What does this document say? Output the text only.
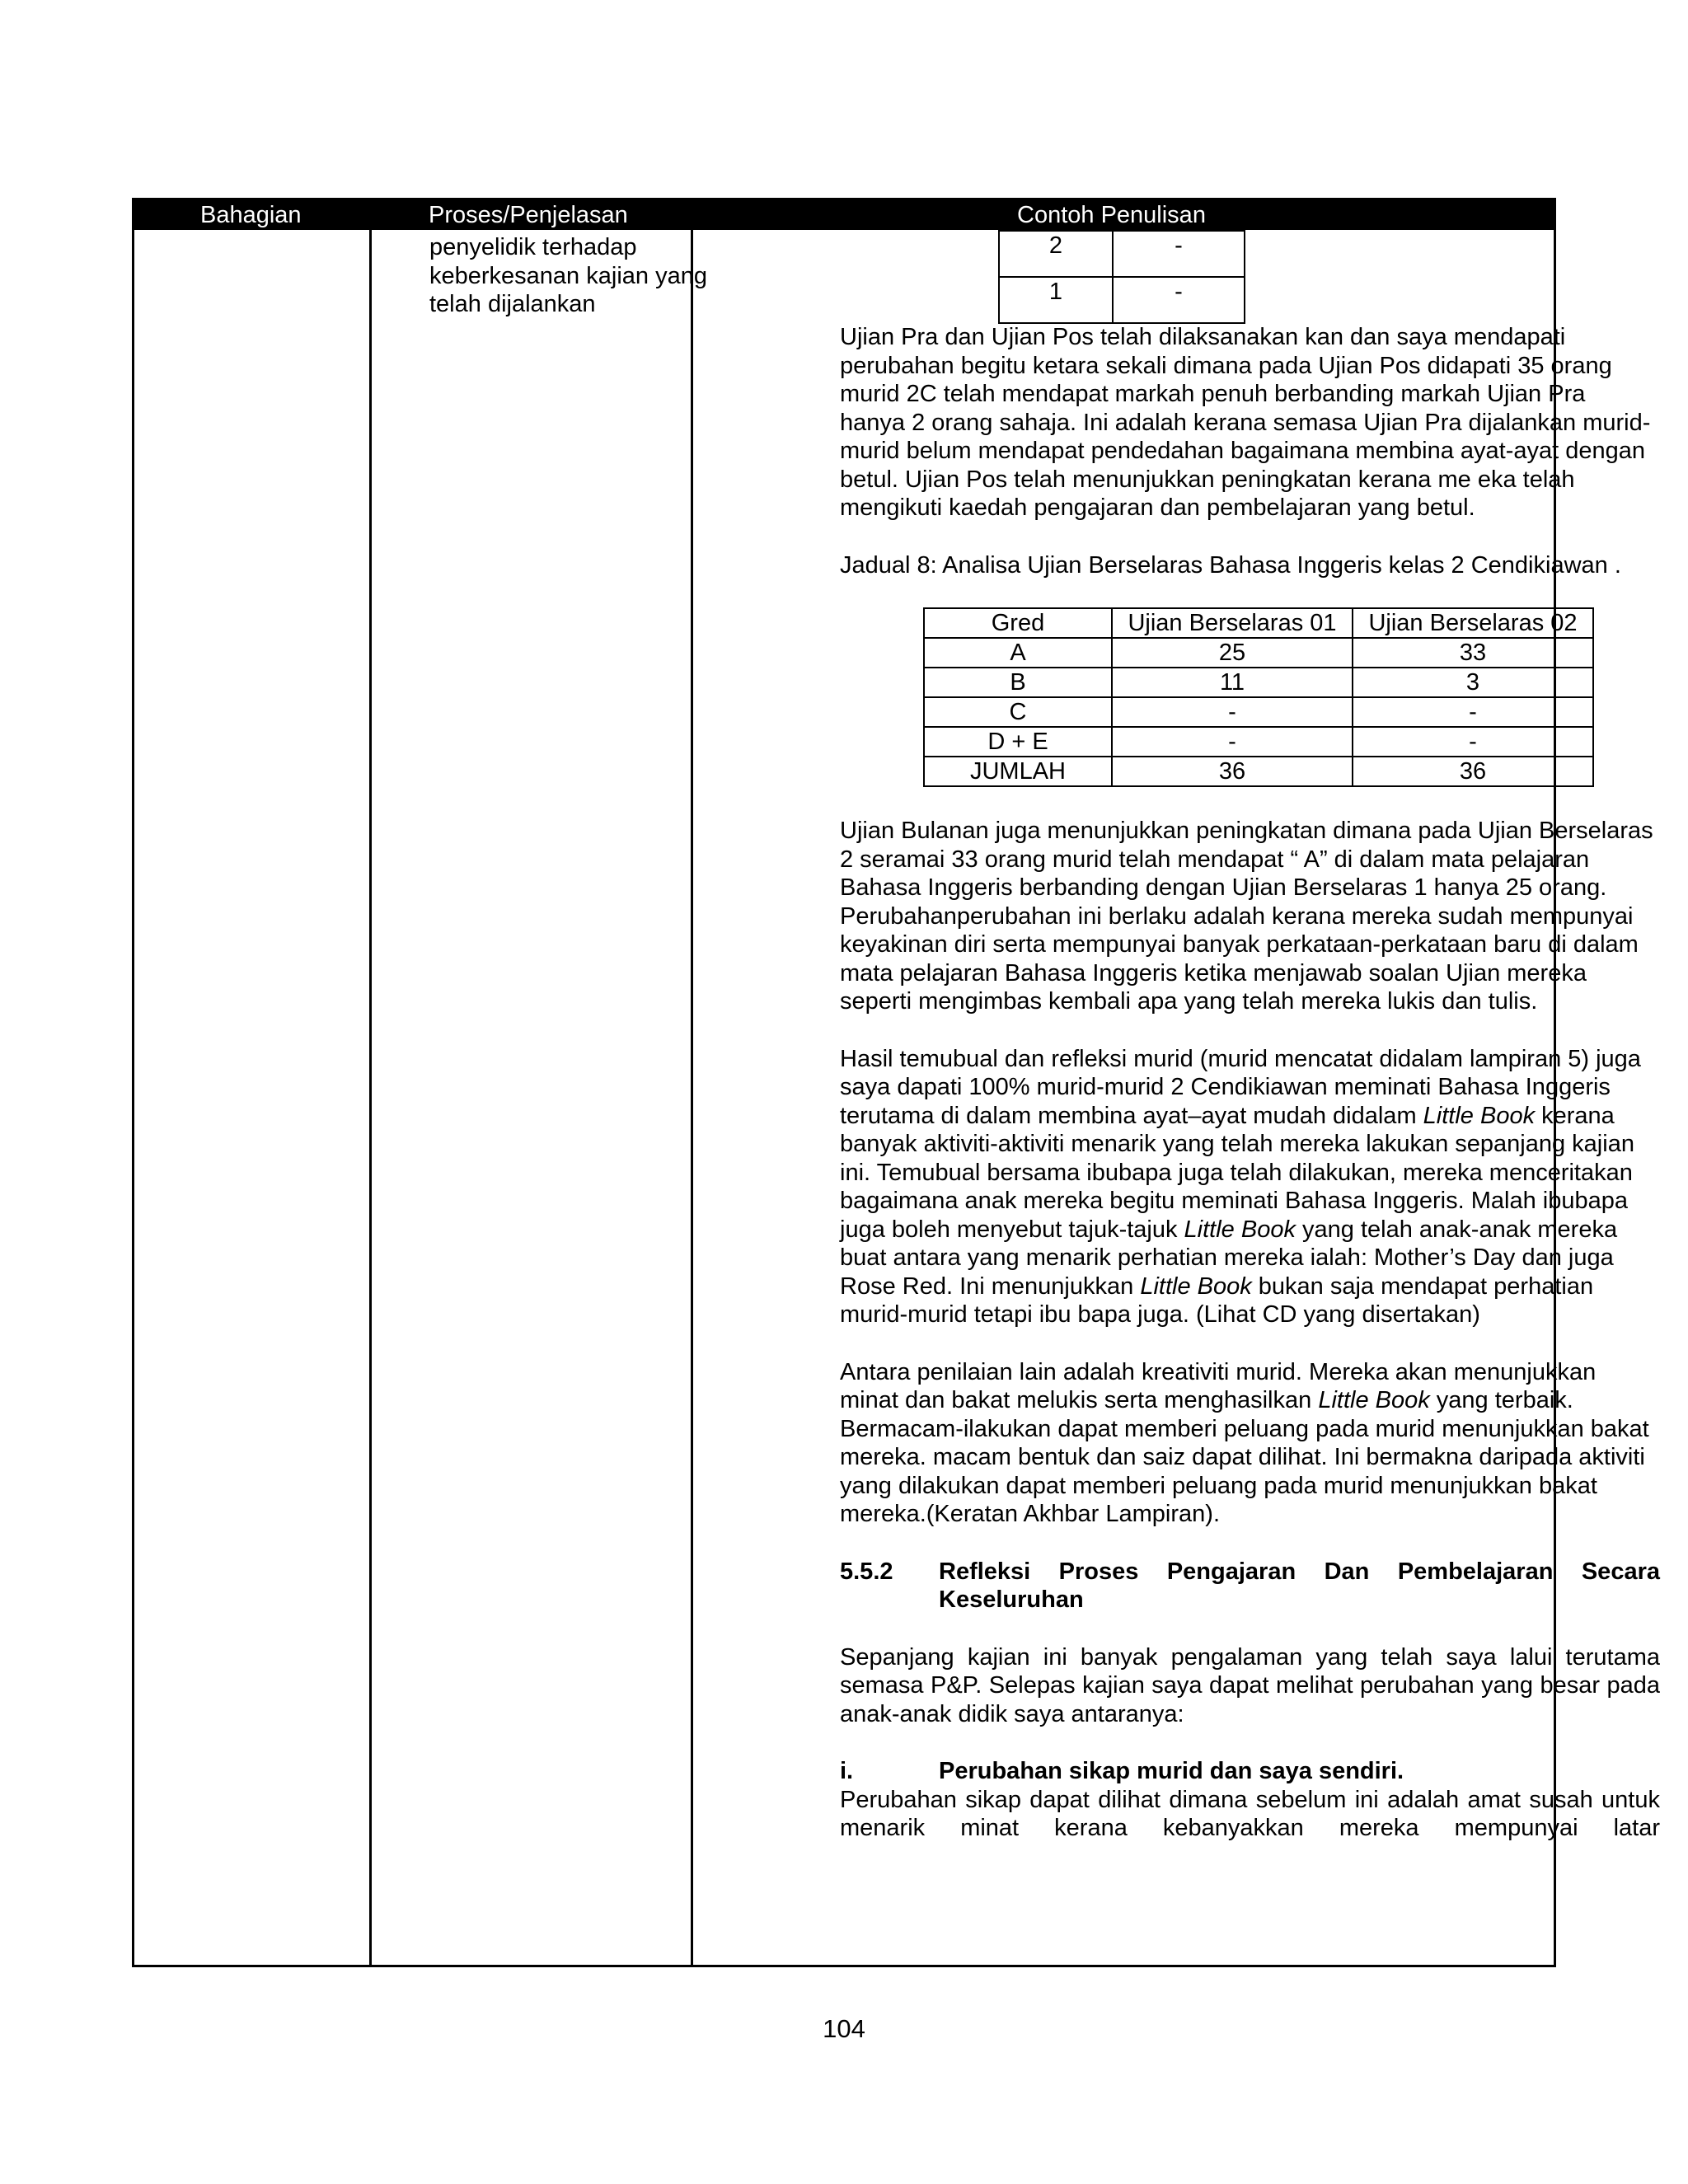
Bahagian	Proses/Penjelasan	Contoh Penulisan

penyelidik terhadap keberkesanan kajian yang telah dijalankan

2	-
1	-

Ujian Pra dan Ujian Pos telah dilaksanakan kan dan saya mendapati perubahan begitu ketara sekali dimana pada Ujian Pos didapati 35 orang murid 2C telah mendapat markah penuh berbanding markah Ujian Pra hanya 2 orang sahaja. Ini adalah kerana semasa Ujian Pra dijalankan murid-murid belum mendapat pendedahan bagaimana membina ayat-ayat dengan betul. Ujian Pos telah menunjukkan peningkatan kerana me eka telah mengikuti kaedah pengajaran dan pembelajaran yang betul.

Jadual 8: Analisa Ujian Berselaras Bahasa Inggeris kelas 2 Cendikiawan .

Gred	Ujian Berselaras 01	Ujian Berselaras 02
A	25	33
B	11	3
C	-	-
D + E	-	-
JUMLAH	36	36

Ujian Bulanan juga menunjukkan peningkatan dimana pada Ujian Berselaras 2 seramai 33 orang murid telah mendapat “ A” di dalam mata pelajaran Bahasa Inggeris berbanding dengan Ujian Berselaras 1 hanya 25 orang. Perubahanperubahan ini berlaku adalah kerana mereka sudah mempunyai keyakinan diri serta mempunyai banyak perkataan-perkataan baru di dalam mata pelajaran Bahasa Inggeris ketika menjawab soalan Ujian mereka seperti mengimbas kembali apa yang telah mereka lukis dan tulis.

Hasil temubual dan refleksi murid (murid mencatat didalam lampiran 5) juga saya dapati 100% murid-murid 2 Cendikiawan meminati Bahasa Inggeris terutama di dalam membina ayat–ayat mudah didalam Little Book kerana banyak aktiviti-aktiviti menarik yang telah mereka lakukan sepanjang kajian ini. Temubual bersama ibubapa juga telah dilakukan, mereka menceritakan bagaimana anak mereka begitu meminati Bahasa Inggeris. Malah ibubapa juga boleh menyebut tajuk-tajuk Little Book yang telah anak-anak mereka buat antara yang menarik perhatian mereka ialah: Mother’s Day dan juga Rose Red. Ini menunjukkan Little Book bukan saja mendapat perhatian murid-murid tetapi ibu bapa juga. (Lihat CD yang disertakan)

Antara penilaian lain adalah kreativiti murid. Mereka akan menunjukkan minat dan bakat melukis serta menghasilkan Little Book yang terbaik. Bermacam-ilakukan dapat memberi peluang pada murid menunjukkan bakat mereka. macam bentuk dan saiz dapat dilihat. Ini bermakna daripada aktiviti yang dilakukan dapat memberi peluang pada murid menunjukkan bakat mereka.(Keratan Akhbar Lampiran).

5.5.2	Refleksi Proses Pengajaran Dan Pembelajaran Secara Keseluruhan

Sepanjang kajian ini banyak pengalaman yang telah saya lalui terutama semasa P&P. Selepas kajian saya dapat melihat perubahan yang besar pada anak-anak didik saya antaranya:

i.	Perubahan sikap murid dan saya sendiri.

Perubahan sikap dapat dilihat dimana sebelum ini adalah amat susah untuk menarik minat kerana kebanyakkan mereka mempunyai latar

104
